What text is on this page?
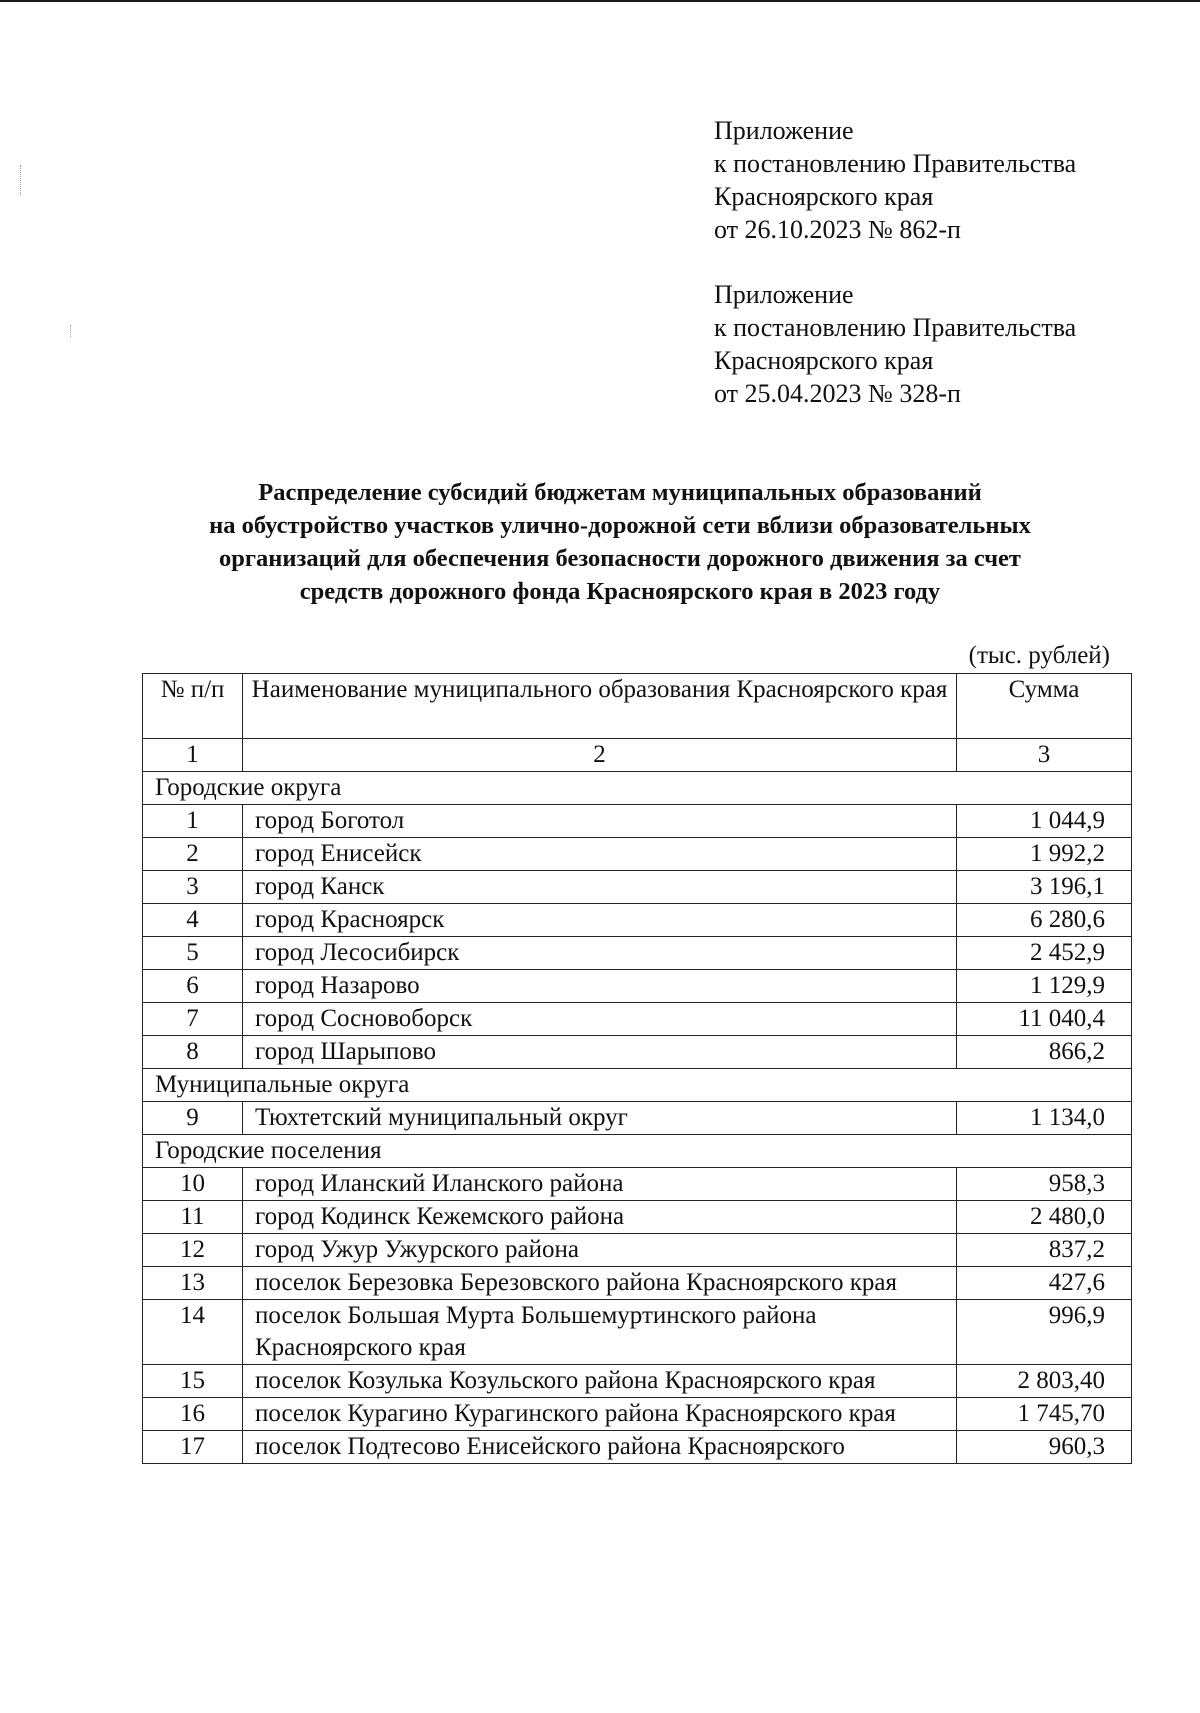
Приложение
к постановлению Правительства
Красноярского края
от 26.10.2023 № 862-п
Приложение
к постановлению Правительства
Красноярского края
от 25.04.2023 № 328-п
Распределение субсидий бюджетам муниципальных образований
на обустройство участков улично-дорожной сети вблизи образовательных
организаций для обеспечения безопасности дорожного движения за счет
средств дорожного фонда Красноярского края в 2023 году
(тыс. рублей)
№ п/п	Наименование муниципального образования Красноярского края	Сумма
1	2	3
Городские округа		
1	город Боготол	1 044,9
2	город Енисейск	1 992,2
3	город Канск	3 196,1
4	город Красноярск	6 280,6
5	город Лесосибирск	2 452,9
6	город Назарово	1 129,9
7	город Сосновоборск	11 040,4
8	город Шарыпово	866,2
Муниципальные округа		
9	Тюхтетский муниципальный округ	1 134,0
Городские поселения		
10	город Иланский Иланского района	958,3
11	город Кодинск Кежемского района	2 480,0
12	город Ужур Ужурского района	837,2
13	поселок Березовка Березовского района Красноярского края	427,6
14	поселок Большая Мурта Большемуртинского района Красноярского края	996,9
15	поселок Козулька Козульского района Красноярского края	2 803,40
16	поселок Курагино Курагинского района Красноярского края	1 745,70
17	поселок Подтесово Енисейского района Красноярского	960,3
